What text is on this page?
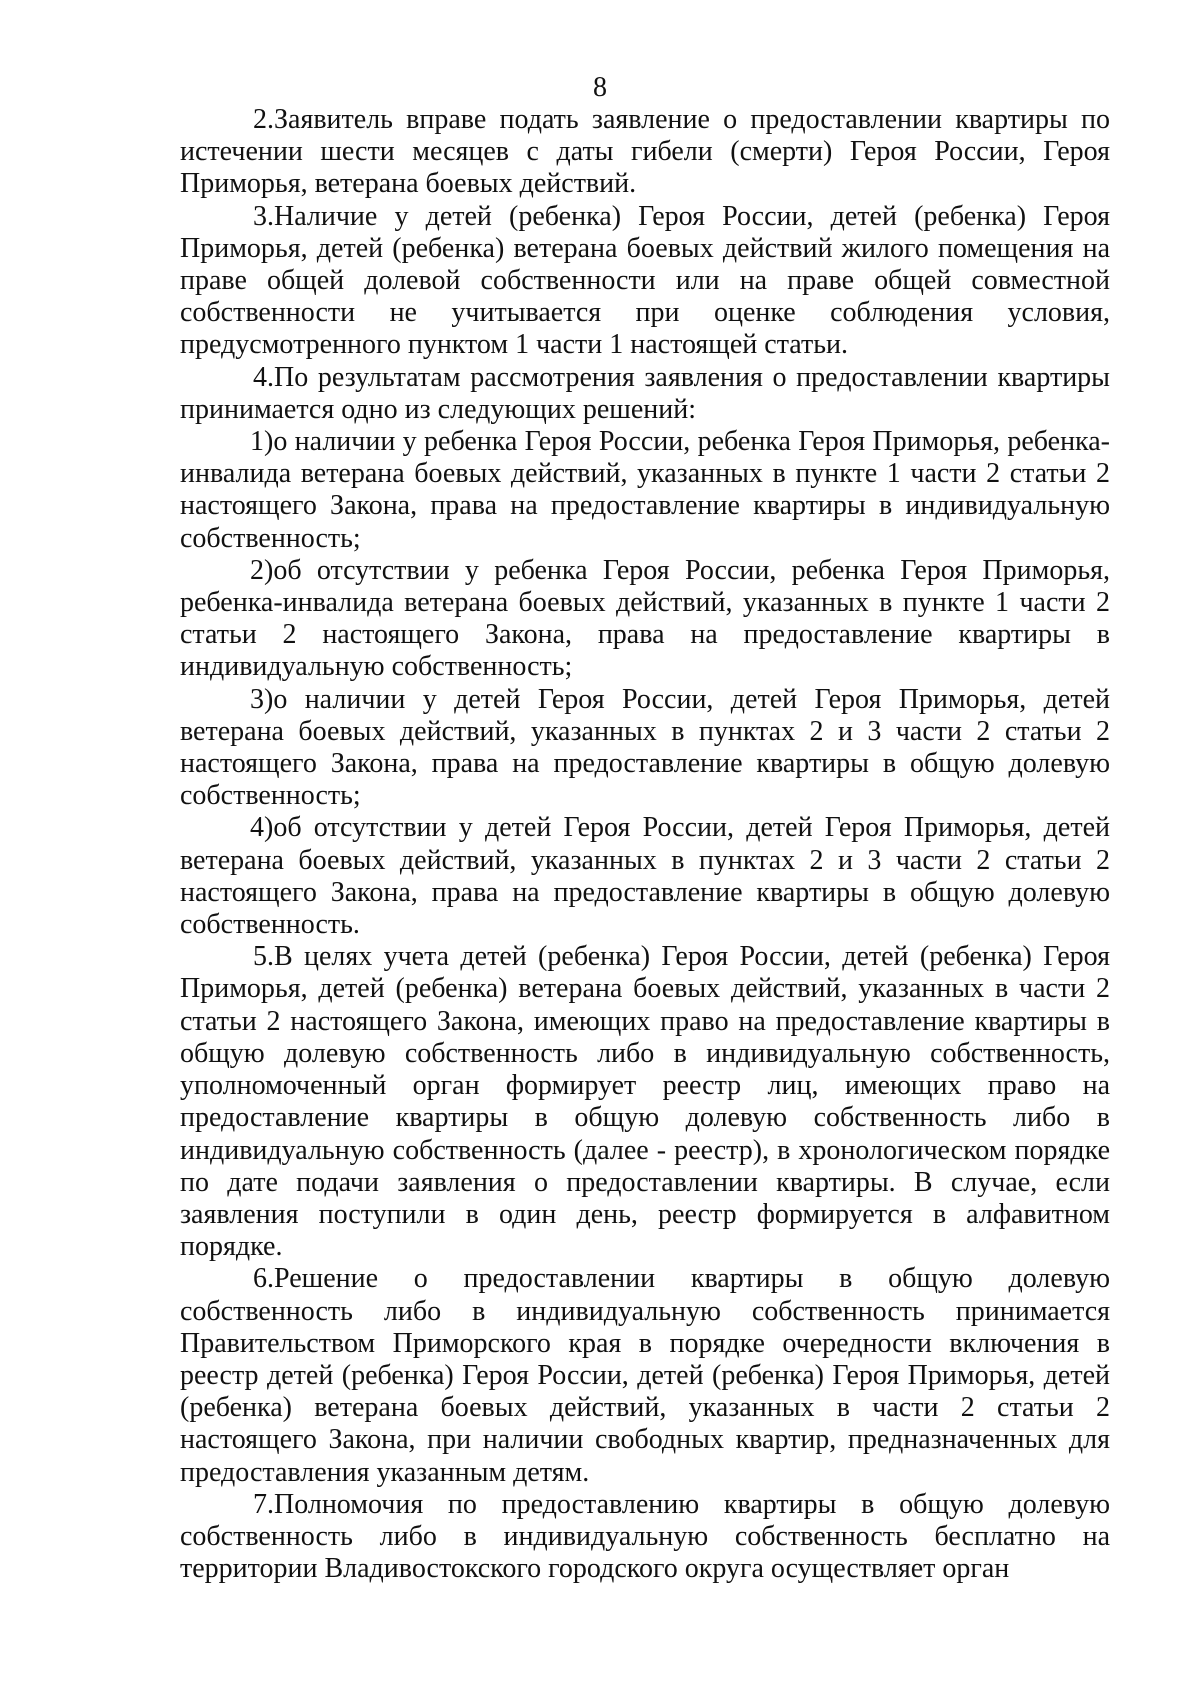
8

2.Заявитель вправе подать заявление о предоставлении квартиры по истечении шести месяцев с даты гибели (смерти) Героя России, Героя Приморья, ветерана боевых действий.

3.Наличие у детей (ребенка) Героя России, детей (ребенка) Героя Приморья, детей (ребенка) ветерана боевых действий жилого помещения на праве общей долевой собственности или на праве общей совместной собственности не учитывается при оценке соблюдения условия, предусмотренного пунктом 1 части 1 настоящей статьи.

4.По результатам рассмотрения заявления о предоставлении квартиры принимается одно из следующих решений:

1)о наличии у ребенка Героя России, ребенка Героя Приморья, ребенка-инвалида ветерана боевых действий, указанных в пункте 1 части 2 статьи 2 настоящего Закона, права на предоставление квартиры в индивидуальную собственность;

2)об отсутствии у ребенка Героя России, ребенка Героя Приморья, ребенка-инвалида ветерана боевых действий, указанных в пункте 1 части 2 статьи 2 настоящего Закона, права на предоставление квартиры в индивидуальную собственность;

3)о наличии у детей Героя России, детей Героя Приморья, детей ветерана боевых действий, указанных в пунктах 2 и 3 части 2 статьи 2 настоящего Закона, права на предоставление квартиры в общую долевую собственность;

4)об отсутствии у детей Героя России, детей Героя Приморья, детей ветерана боевых действий, указанных в пунктах 2 и 3 части 2 статьи 2 настоящего Закона, права на предоставление квартиры в общую долевую собственность.

5.В целях учета детей (ребенка) Героя России, детей (ребенка) Героя Приморья, детей (ребенка) ветерана боевых действий, указанных в части 2 статьи 2 настоящего Закона, имеющих право на предоставление квартиры в общую долевую собственность либо в индивидуальную собственность, уполномоченный орган формирует реестр лиц, имеющих право на предоставление квартиры в общую долевую собственность либо в индивидуальную собственность (далее - реестр), в хронологическом порядке по дате подачи заявления о предоставлении квартиры. В случае, если заявления поступили в один день, реестр формируется в алфавитном порядке.

6.Решение о предоставлении квартиры в общую долевую собственность либо в индивидуальную собственность принимается Правительством Приморского края в порядке очередности включения в реестр детей (ребенка) Героя России, детей (ребенка) Героя Приморья, детей (ребенка) ветерана боевых действий, указанных в части 2 статьи 2 настоящего Закона, при наличии свободных квартир, предназначенных для предоставления указанным детям.

7.Полномочия по предоставлению квартиры в общую долевую собственность либо в индивидуальную собственность бесплатно на территории Владивостокского городского округа осуществляет орган
